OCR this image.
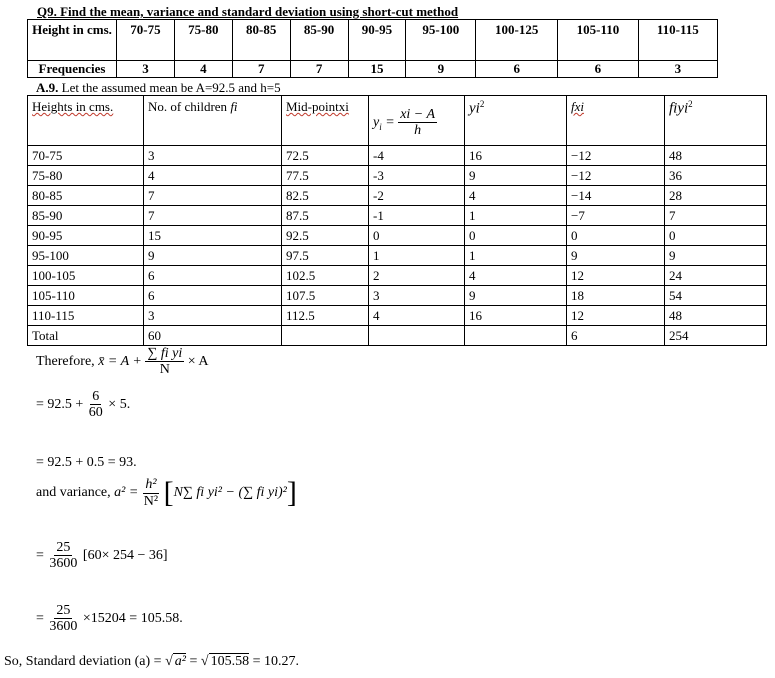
Q9. Find the mean, variance and standard deviation using short-cut method
Height in cms.	70-75	75-80	80-85	85-90	90-95	95-100	100-125	105-110	110-115
Frequencies	3	4	7	7	15	9	6	6	3
A.9. Let the assumed mean be A=92.5 and h=5
Heights in cms.	No. of children fi	Mid-pointxi	$y_i = \frac{xi - A}{h}$	$yi^2$	fxi	fiyi$^2$
70-75	3	72.5	-4	16	−12	48
75-80	4	77.5	-3	9	−12	36
80-85	7	82.5	-2	4	−14	28
85-90	7	87.5	-1	1	−7	7
90-95	15	92.5	0	0	0	0
95-100	9	97.5	1	1	9	9
100-105	6	102.5	2	4	12	24
105-110	6	107.5	3	9	18	54
110-115	3	112.5	4	16	12	48
Total	60				6	254
Therefore, x̄ = $A + \frac{\text{∑ fi yi}}{N} \times A$
= $92.5 + \frac{6}{60} \times 5$.
= 92.5 + 0.5 = 93.
and variance, $a^2 = \frac{\text{h²}}{\text{N²}} [N\sum$ fi yi² − (∑ fi yi)²]
= $\frac{25}{3600} [60\times 254 - 36]$
= $\frac{25}{3600} \times 15204 = 105.58$.
So, Standard deviation (a) = √ a² = √ 105.58 = 10.27.
